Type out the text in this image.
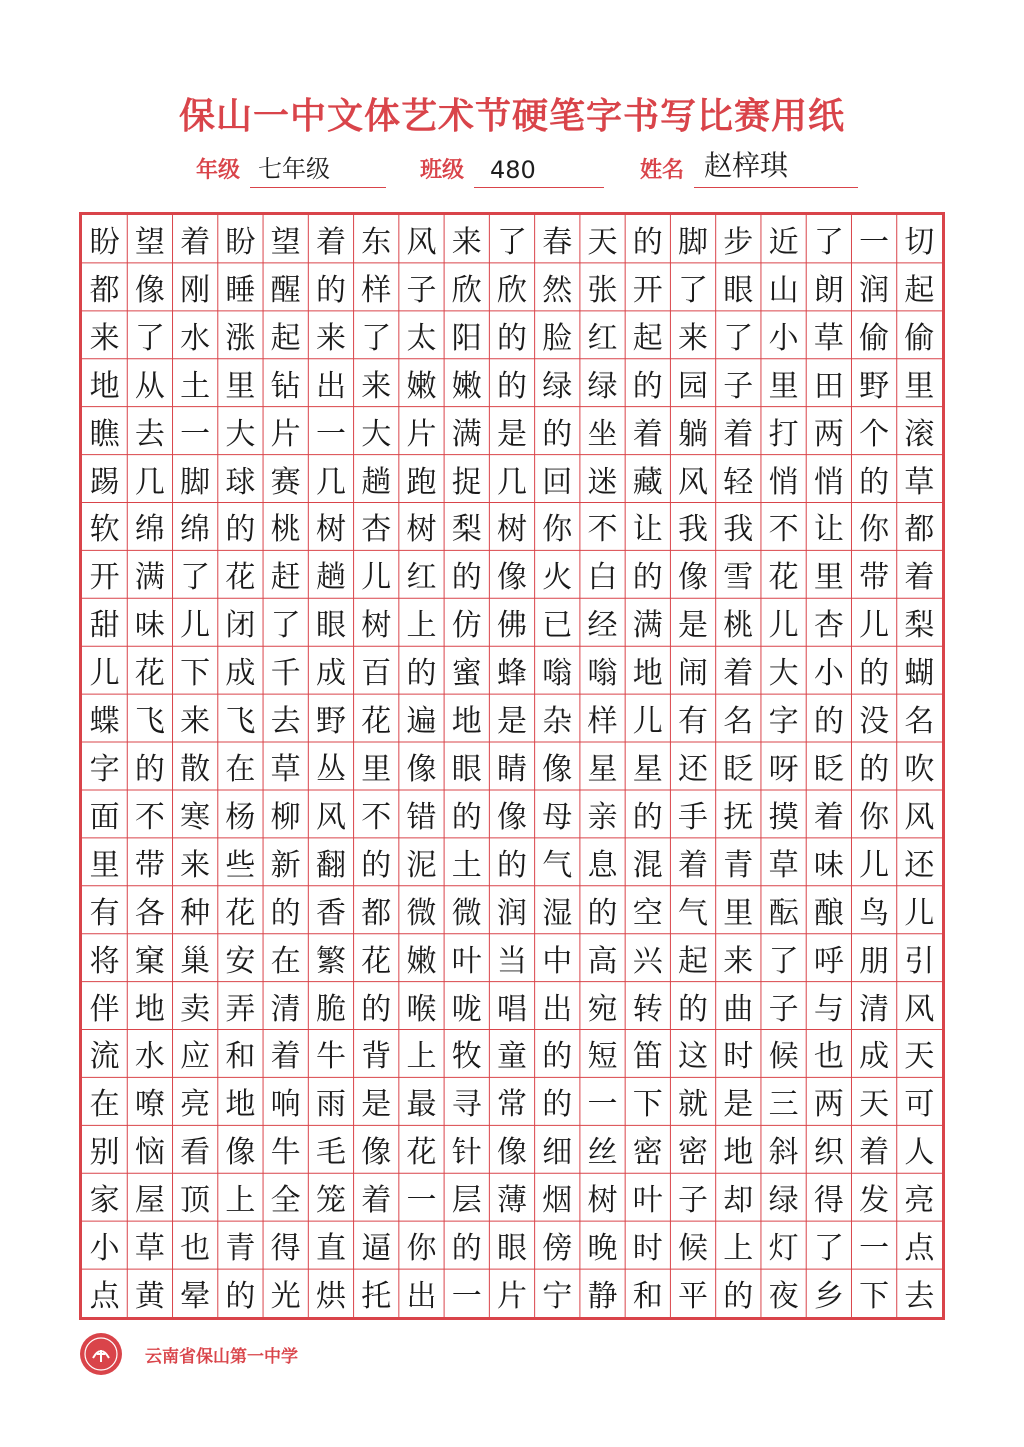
保山一中文体艺术节硬笔字书写比赛用纸
年级 七年级	班级 480	姓名 赵梓琪
盼 望 着 盼 望 着 东 风 来 了 春 天 的 脚 步 近 了 一 切
都 像 刚 睡 醒 的 样 子 欣 欣 然 张 开 了 眼 山 朗 润 起
来 了 水 涨 起 来 了 太 阳 的 脸 红 起 来 了 小 草 偷 偷
地 从 土 里 钻 出 来 嫩 嫩 的 绿 绿 的 园 子 里 田 野 里
瞧 去 一 大 片 一 大 片 满 是 的 坐 着 躺 着 打 两 个 滚
踢 几 脚 球 赛 几 趟 跑 捉 几 回 迷 藏 风 轻 悄 悄 的 草
软 绵 绵 的 桃 树 杏 树 梨 树 你 不 让 我 我 不 让 你 都
开 满 了 花 赶 趟 儿 红 的 像 火 白 的 像 雪 花 里 带 着
甜 味 儿 闭 了 眼 树 上 仿 佛 已 经 满 是 桃 儿 杏 儿 梨
儿 花 下 成 千 成 百 的 蜜 蜂 嗡 嗡 地 闹 着 大 小 的 蝴
蝶 飞 来 飞 去 野 花 遍 地 是 杂 样 儿 有 名 字 的 没 名
字 的 散 在 草 丛 里 像 眼 睛 像 星 星 还 眨 呀 眨 的 吹
面 不 寒 杨 柳 风 不 错 的 像 母 亲 的 手 抚 摸 着 你 风
里 带 来 些 新 翻 的 泥 土 的 气 息 混 着 青 草 味 儿 还
有 各 种 花 的 香 都 微 微 润 湿 的 空 气 里 酝 酿 鸟 儿
将 窠 巢 安 在 繁 花 嫩 叶 当 中 高 兴 起 来 了 呼 朋 引
伴 地 卖 弄 清 脆 的 喉 咙 唱 出 宛 转 的 曲 子 与 清 风
流 水 应 和 着 牛 背 上 牧 童 的 短 笛 这 时 候 也 成 天
在 嘹 亮 地 响 雨 是 最 寻 常 的 一 下 就 是 三 两 天 可
别 恼 看 像 牛 毛 像 花 针 像 细 丝 密 密 地 斜 织 着 人
家 屋 顶 上 全 笼 着 一 层 薄 烟 树 叶 子 却 绿 得 发 亮
小 草 也 青 得 直 逼 你 的 眼 傍 晚 时 候 上 灯 了 一 点
点 黄 晕 的 光 烘 托 出 一 片 宁 静 和 平 的 夜 乡 下 去
云南省保山第一中学
